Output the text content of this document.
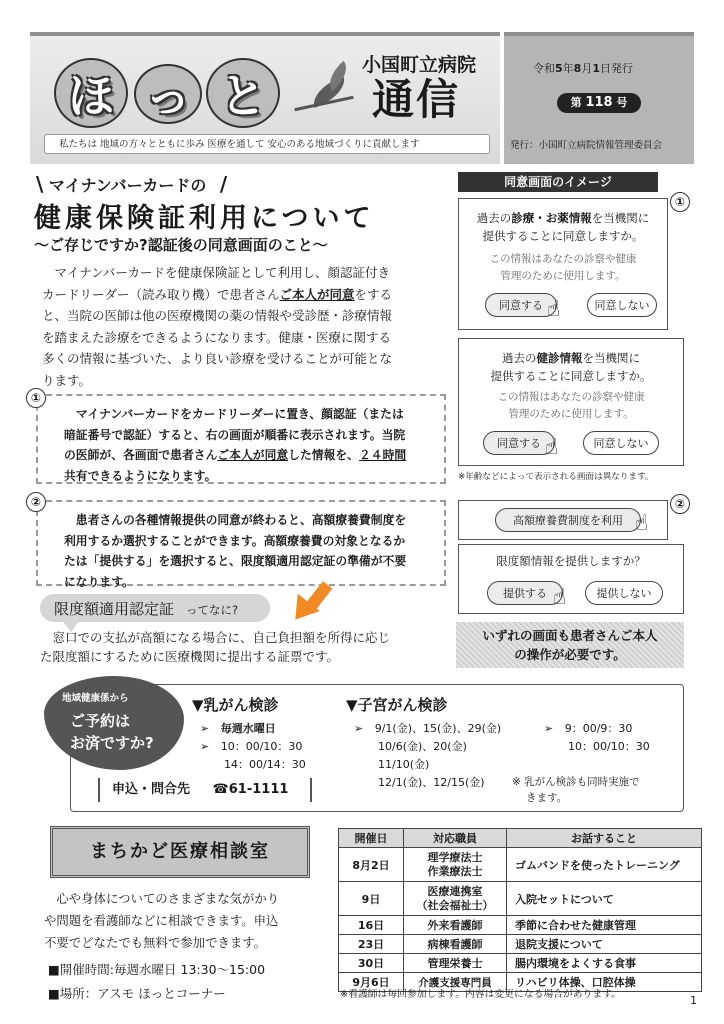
ほ っ と
小国町立病院
通信
私たちは 地域の方々とともに歩み 医療を通して 安心のある地域づくりに貢献します
令和5年8月1日発行
第 118 号
発行：小国町立病院情報管理委員会
\ マイナンバーカードの /
健康保険証利用について
～ご存じですか?認証後の同意画面のこと～
　マイナンバーカードを健康保険証として利用し、顔認証付き
カードリーダー（読み取り機）で患者さんご本人が同意をする
と、当院の医師は他の医療機関の薬の情報や受診歴・診療情報
を踏まえた診療をできるようになります。健康・医療に関する
多くの情報に基づいた、より良い診療を受けることが可能とな
ります。
　マイナンバーカードをカードリーダーに置き、顔認証（または
暗証番号で認証）すると、右の画面が順番に表示されます。当院
の医師が、各画面で患者さんご本人が同意した情報を、２４時間
共有できるようになります。
①
　患者さんの各種情報提供の同意が終わると、高額療養費制度を
利用するか選択することができます。高額療養費の対象となるか
たは「提供する」を選択すると、限度額適用認定証の準備が不要
になります。
②
限度額適用認定証 ってなに?
　窓口での支払が高額になる場合に、自己負担額を所得に応じ
た限度額にするために医療機関に提出する証票です。
同意画面のイメージ
過去の診療・お薬情報を当機関に
提供することに同意しますか。
この情報はあなたの診察や健康
管理のために使用します。
同意する ☝	同意しない
①
過去の健診情報を当機関に
提供することに同意しますか。
この情報はあなたの診察や健康
管理のために使用します。
同意する ☝	同意しない
※年齢などによって表示される画面は異なります。
高額療養費制度を利用 ☝
②
限度額情報を提供しますか？
提供する ☝	提供しない
いずれの画面も患者さんご本人
の操作が必要です。
地域健康係から
ご予約は
お済ですか?
申込・問合先 ☎61-1111
▼乳がん検診
➢ 毎週水曜日
➢ 10：00/10：30
14：00/14：30
▼子宮がん検診
➢ 9/1(金)、15(金)、29(金)
10/6(金)、20(金)
11/10(金)
12/1(金)、12/15(金)
➢ 9：00/9：30
10：00/10：30
※ 乳がん検診も同時実施で
きます。
まちかど医療相談室
　心や身体についてのさまざまな気がかり
や問題を看護師などに相談できます。申込
不要でどなたでも無料で参加できます。
■開催時間:毎週水曜日 13:30～15:00
■場所：アスモ ほっとコーナー
開催日	対応職員	お話すること
8月2日	理学療法士
作業療法士	ゴムバンドを使ったトレーニング
9日	医療連携室
（社会福祉士）	入院セットについて
16日	外来看護師	季節に合わせた健康管理
23日	病棟看護師	退院支援について
30日	管理栄養士	腸内環境をよくする食事
9月6日	介護支援専門員	リハビリ体操、口腔体操
※看護師は毎回参加します。内容は変更になる場合があります。	1
